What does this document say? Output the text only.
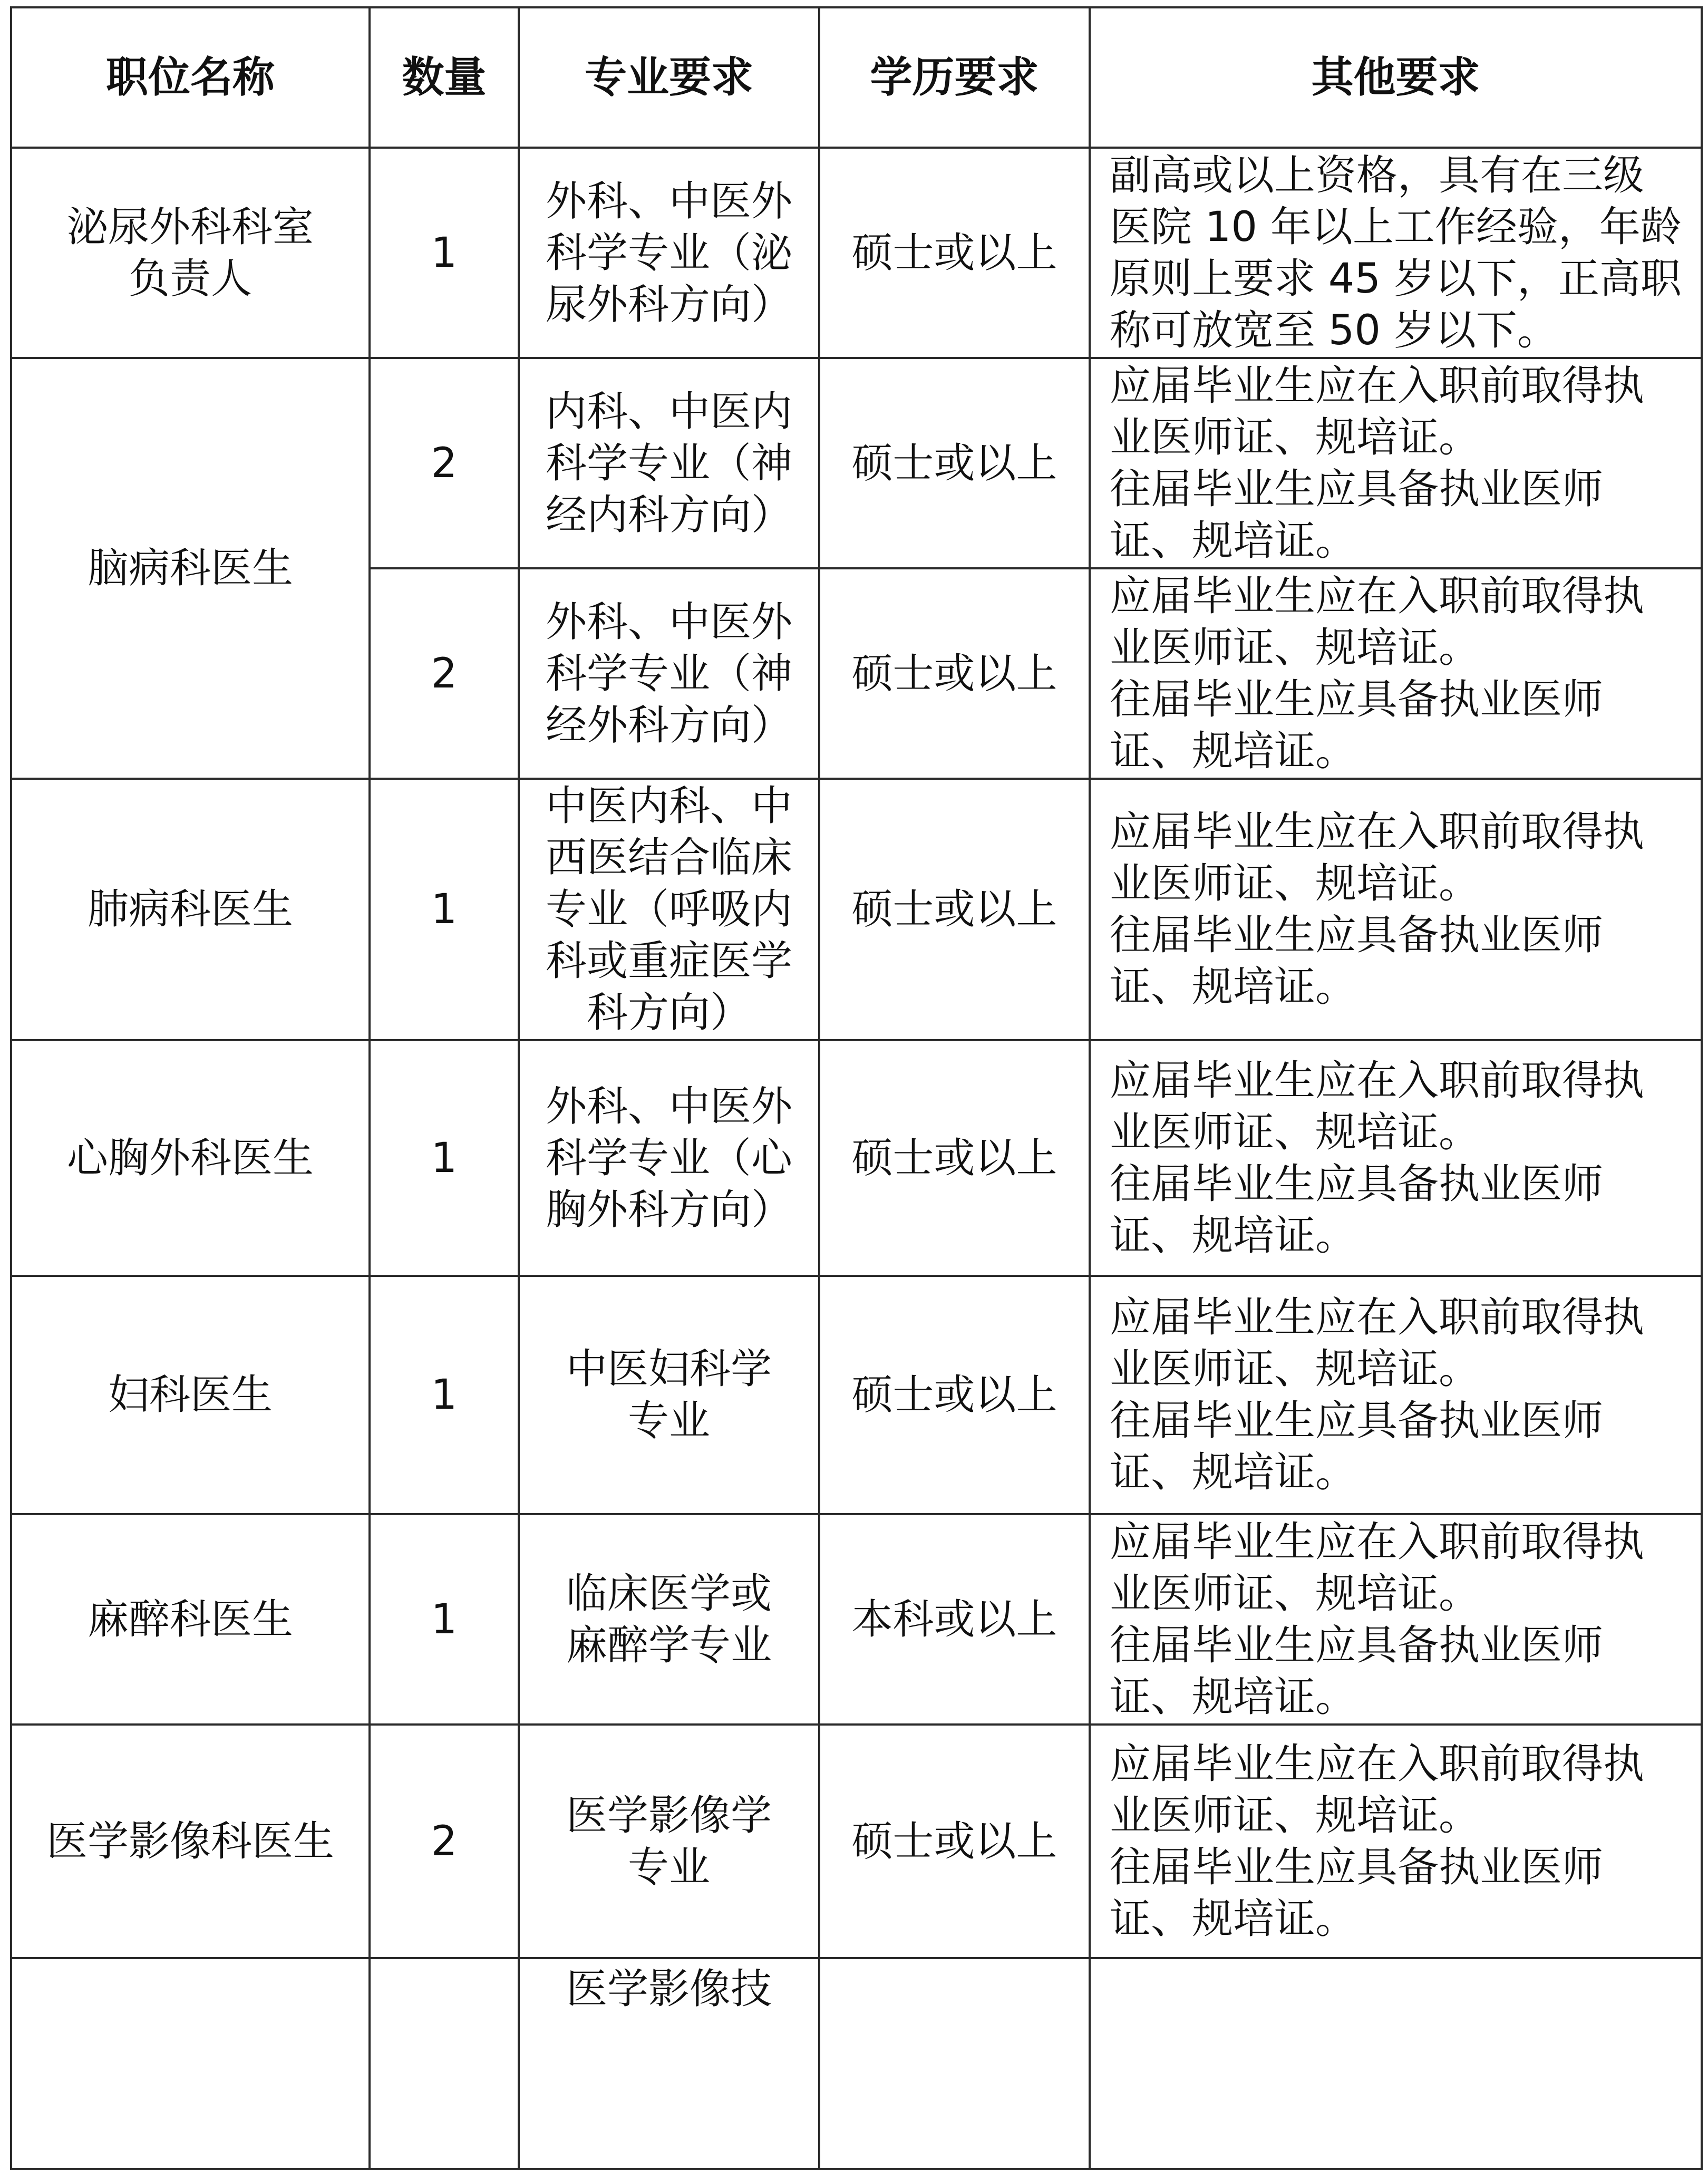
职位名称	数量	专业要求	学历要求	其他要求
泌尿外科科室负责人	1	外科、中医外科学专业（泌尿外科方向）	硕士或以上	副高或以上资格，具有在三级医院 10 年以上工作经验，年龄原则上要求 45 岁以下，正高职称可放宽至 50 岁以下。

脑病科医生	2	内科、中医内科学专业（神经内科方向）	硕士或以上	应届毕业生应在入职前取得执业医师证、规培证。
往届毕业生应具备执业医师证、规培证。

	2	外科、中医外科学专业（神经外科方向）	硕士或以上	应届毕业生应在入职前取得执业医师证、规培证。
往届毕业生应具备执业医师证、规培证。

肺病科医生	1	中医内科、中西医结合临床专业（呼吸内科或重症医学科方向）	硕士或以上	应届毕业生应在入职前取得执业医师证、规培证。
往届毕业生应具备执业医师证、规培证。

心胸外科医生	1	外科、中医外科学专业（心胸外科方向）	硕士或以上	应届毕业生应在入职前取得执业医师证、规培证。
往届毕业生应具备执业医师证、规培证。

妇科医生	1	中医妇科学专业	硕士或以上	应届毕业生应在入职前取得执业医师证、规培证。
往届毕业生应具备执业医师证、规培证。

麻醉科医生	1	临床医学或麻醉学专业	本科或以上	应届毕业生应在入职前取得执业医师证、规培证。
往届毕业生应具备执业医师证、规培证。

医学影像科医生	2	医学影像学专业	硕士或以上	应届毕业生应在入职前取得执业医师证、规培证。
往届毕业生应具备执业医师证、规培证。

		医学影像技		
